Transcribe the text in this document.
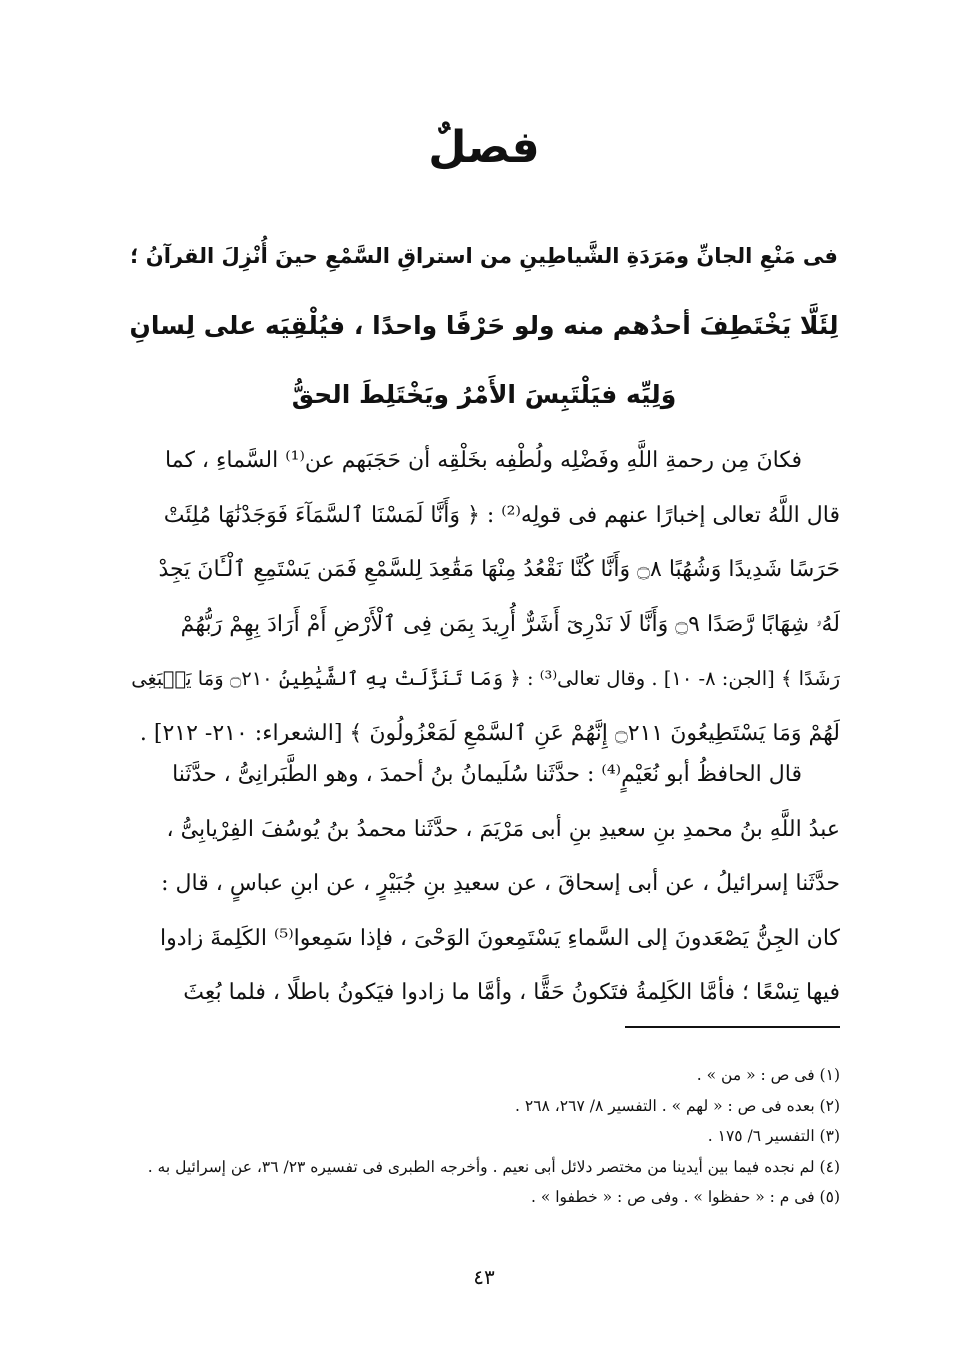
فصلٌ
فى مَنْعِ الجانِّ ومَرَدَةِ الشَّياطِينِ من استراقِ السَّمْعِ حينَ أُنْزِلَ القرآنُ ؛
لِئَلَّا يَخْتَطِفَ أحدُهم منه ولو حَرْفًا واحدًا ، فيُلْقِيَه على لِسانِ
وَلِيِّه فيَلْتَبِسَ الأَمْرُ ويَخْتَلِطَ الحقُّ
فكانَ مِن رحمةِ اللَّهِ وفَضْلِه ولُطْفِه بخَلْقِه أن حَجَبَهم عن⁽¹⁾ السَّماءِ ، كما
قال اللَّهُ تعالى إخبارًا عنهم فى قولِه⁽²⁾ : ﴿ وَأَنَّا لَمَسْنَا ٱلسَّمَآءَ فَوَجَدْنَٰهَا مُلِئَتْ
حَرَسًا شَدِيدًا وَشُهُبًا ۝٨ وَأَنَّا كُنَّا نَقْعُدُ مِنْهَا مَقَٰعِدَ لِلسَّمْعِ فَمَن يَسْتَمِعِ ٱلْـَٔانَ يَجِدْ
لَهُۥ شِهَابًا رَّصَدًا ۝٩ وَأَنَّا لَا نَدْرِىٓ أَشَرٌّ أُرِيدَ بِمَن فِى ٱلْأَرْضِ أَمْ أَرَادَ بِهِمْ رَبُّهُمْ
رَشَدًا ﴾ [الجن: ٨- ١٠] . وقال تعالى⁽³⁾ : ﴿ وَمَا تَنَزَّلَتْ بِهِ ٱلشَّيَٰطِينُ ۝٢١٠ وَمَا يَنۢبَغِى
لَهُمْ وَمَا يَسْتَطِيعُونَ ۝٢١١ إِنَّهُمْ عَنِ ٱلسَّمْعِ لَمَعْزُولُونَ ﴾ [الشعراء: ٢١٠- ٢١٢] .
قال الحافظُ أبو نُعَيْمٍ⁽⁴⁾ : حدَّثَنا سُلَيمانُ بنُ أحمدَ ، وهو الطَّبَرانِىُّ ، حدَّثَنا
عبدُ اللَّهِ بنُ محمدِ بنِ سعيدِ بنِ أبى مَرْيَمَ ، حدَّثَنا محمدُ بنُ يُوسُفَ الفِرْيابِىُّ ،
حدَّثَنا إسرائيلُ ، عن أبى إسحاقَ ، عن سعيدِ بنِ جُبَيْرٍ ، عن ابنِ عباسٍ ، قال :
كان الجِنُّ يَصْعَدونَ إلى السَّماءِ يَسْتَمِعونَ الوَحْىَ ، فإذا سَمِعوا⁽⁵⁾ الكَلِمةَ زادوا
فيها تِسْعًا ؛ فأمَّا الكَلِمةُ فتَكونُ حَقًّا ، وأمَّا ما زادوا فيَكونُ باطلًا ، فلما بُعِثَ
(١) فى ص : « من » .
(٢) بعده فى ص : « لهم » . التفسير ٨/ ٢٦٧، ٢٦٨ .
(٣) التفسير ٦/ ١٧٥ .
(٤) لم نجده فيما بين أيدينا من مختصر دلائل أبى نعيم . وأخرجه الطبرى فى تفسيره ٢٣/ ٣٦، عن إسرائيل به .
(٥) فى م : « حفظوا » . وفى ص : « خطفوا » .
٤٣
